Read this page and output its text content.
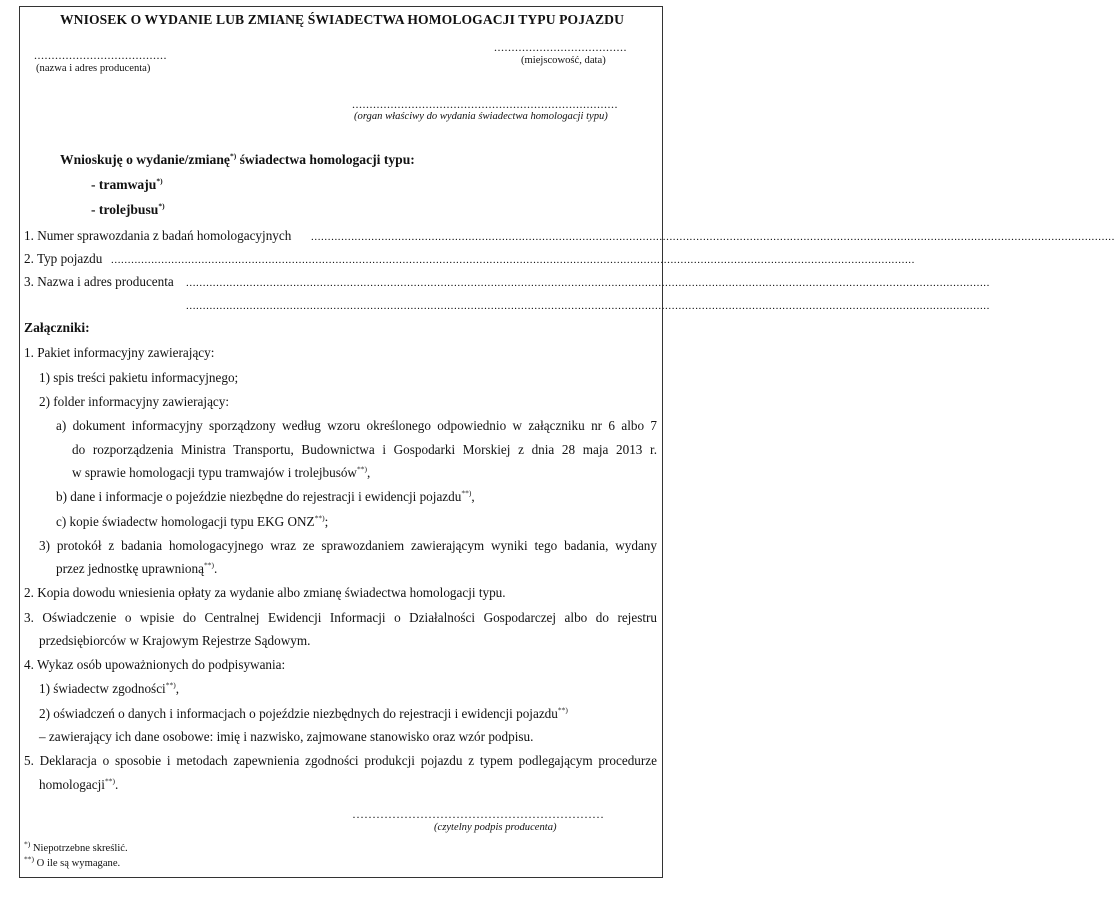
WNIOSEK O WYDANIE LUB ZMIANĘ ŚWIADECTWA HOMOLOGACJI TYPU POJAZDU
......................................
(nazwa i adres producenta)
......................................
(miejscowość, data)
............................................................................
(organ właściwy do wydania świadectwa homologacji typu)
Wnioskuję o wydanie/zmianę*) świadectwa homologacji typu:
- tramwaju*)
- trolejbusu*)
1. Numer sprawozdania z badań homologacyjnych ................................................................................................................................................................................................................................................
2. Typ pojazdu ................................................................................................................................................................................................................................................
3. Nazwa i adres producenta ................................................................................................................................................................................................................................................
................................................................................................................................................................................................................................................
Załączniki:
1. Pakiet informacyjny zawierający:
1) spis treści pakietu informacyjnego;
2) folder informacyjny zawierający:
a) dokument informacyjny sporządzony według wzoru określonego odpowiednio w załączniku nr 6 albo 7
do rozporządzenia Ministra Transportu, Budownictwa i Gospodarki Morskiej z dnia 28 maja 2013 r.
w sprawie homologacji typu tramwajów i trolejbusów**),
b) dane i informacje o pojeździe niezbędne do rejestracji i ewidencji pojazdu**),
c) kopie świadectw homologacji typu EKG ONZ**);
3) protokół z badania homologacyjnego wraz ze sprawozdaniem zawierającym wyniki tego badania, wydany
przez jednostkę uprawnioną**).
2. Kopia dowodu wniesienia opłaty za wydanie albo zmianę świadectwa homologacji typu.
3. Oświadczenie o wpisie do Centralnej Ewidencji Informacji o Działalności Gospodarczej albo do rejestru
przedsiębiorców w Krajowym Rejestrze Sądowym.
4. Wykaz osób upoważnionych do podpisywania:
1) świadectw zgodności**),
2) oświadczeń o danych i informacjach o pojeździe niezbędnych do rejestracji i ewidencji pojazdu**)
– zawierający ich dane osobowe: imię i nazwisko, zajmowane stanowisko oraz wzór podpisu.
5. Deklaracja o sposobie i metodach zapewnienia zgodności produkcji pojazdu z typem podlegającym procedurze
homologacji**).
………………………………………………………
(czytelny podpis producenta)
*) Niepotrzebne skreślić.
**) O ile są wymagane.
